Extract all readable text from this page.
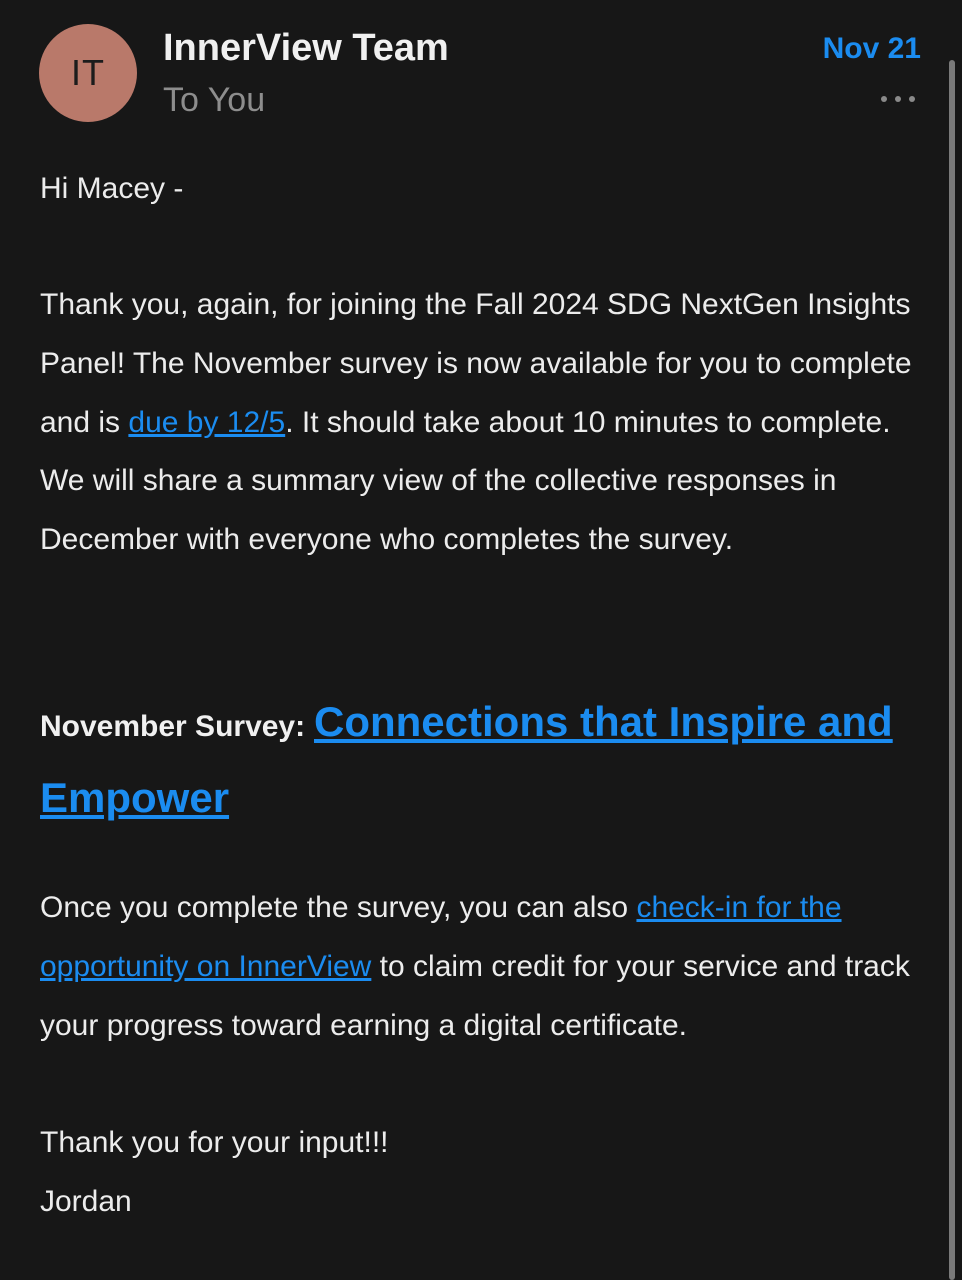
IT
InnerView Team
To You
Nov 21
Hi Macey -
Thank you, again, for joining the Fall 2024 SDG NextGen Insights Panel! The November survey is now available for you to complete and is due by 12/5. It should take about 10 minutes to complete. We will share a summary view of the collective responses in December with everyone who completes the survey.
November Survey: Connections that Inspire and Empower
Once you complete the survey, you can also check-in for the opportunity on InnerView to claim credit for your service and track your progress toward earning a digital certificate.
Thank you for your input!!!
Jordan
